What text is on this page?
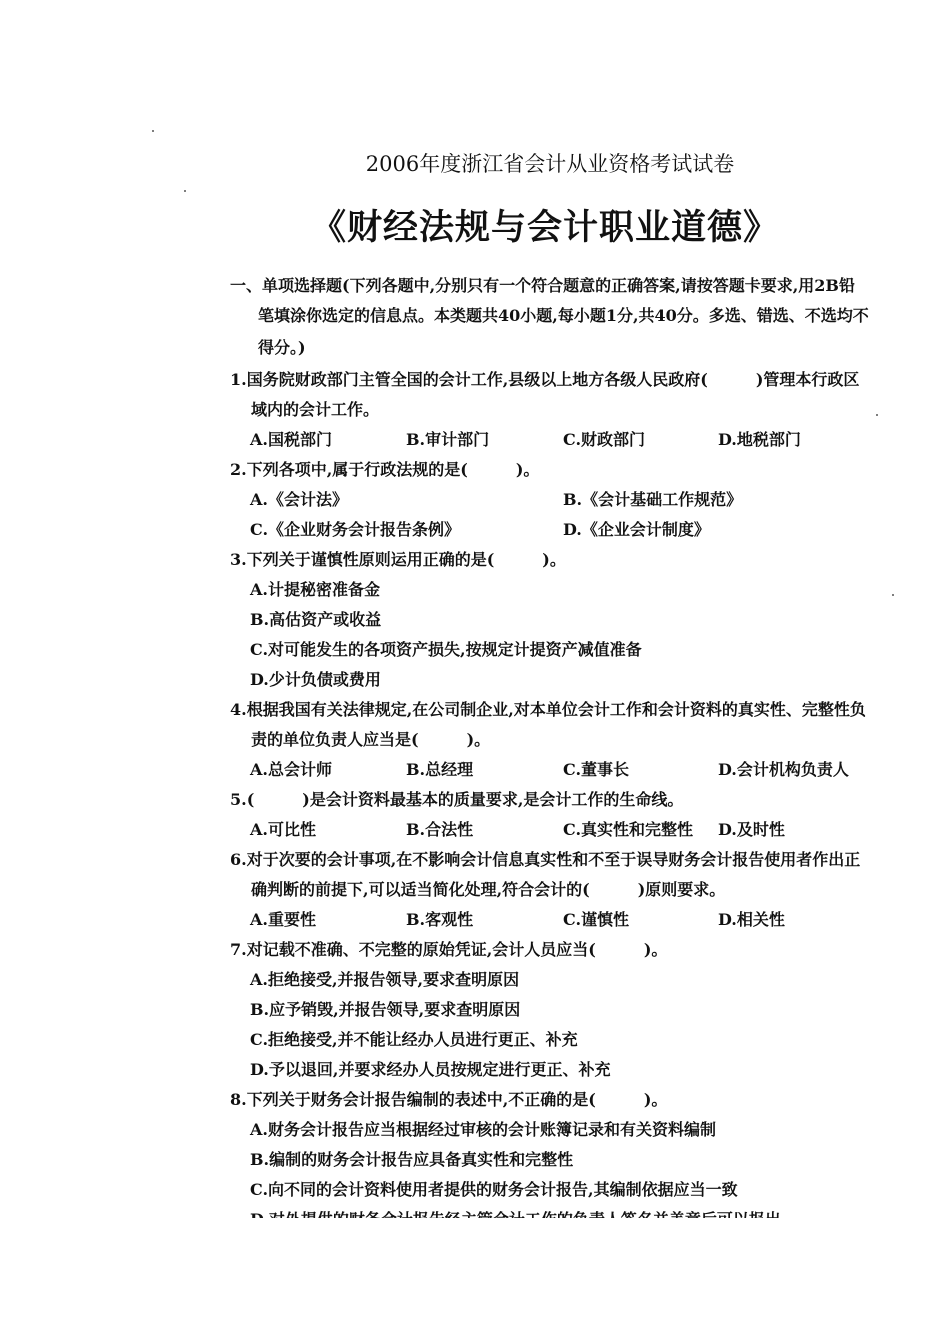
2006年度浙江省会计从业资格考试试卷
《财经法规与会计职业道德》
一、单项选择题(下列各题中,分别只有一个符合题意的正确答案,请按答题卡要求,用2B铅
笔填涂你选定的信息点。本类题共40小题,每小题1分,共40分。多选、错选、不选均不
得分。)
1.国务院财政部门主管全国的会计工作,县级以上地方各级人民政府(　　　)管理本行政区
域内的会计工作。
A.国税部门	B.审计部门	C.财政部门	D.地税部门
2.下列各项中,属于行政法规的是(　　　)。
A.《会计法》	B.《会计基础工作规范》
C.《企业财务会计报告条例》	D.《企业会计制度》
3.下列关于谨慎性原则运用正确的是(　　　)。
A.计提秘密准备金
B.高估资产或收益
C.对可能发生的各项资产损失,按规定计提资产减值准备
D.少计负债或费用
4.根据我国有关法律规定,在公司制企业,对本单位会计工作和会计资料的真实性、完整性负
责的单位负责人应当是(　　　)。
A.总会计师	B.总经理	C.董事长	D.会计机构负责人
5.(　　　)是会计资料最基本的质量要求,是会计工作的生命线。
A.可比性	B.合法性	C.真实性和完整性 D.及时性
6.对于次要的会计事项,在不影响会计信息真实性和不至于误导财务会计报告使用者作出正
确判断的前提下,可以适当简化处理,符合会计的(　　　)原则要求。
A.重要性	B.客观性	C.谨慎性	D.相关性
7.对记载不准确、不完整的原始凭证,会计人员应当(　　　)。
A.拒绝接受,并报告领导,要求查明原因
B.应予销毁,并报告领导,要求查明原因
C.拒绝接受,并不能让经办人员进行更正、补充
D.予以退回,并要求经办人员按规定进行更正、补充
8.下列关于财务会计报告编制的表述中,不正确的是(　　　)。
A.财务会计报告应当根据经过审核的会计账簿记录和有关资料编制
B.编制的财务会计报告应具备真实性和完整性
C.向不同的会计资料使用者提供的财务会计报告,其编制依据应当一致
